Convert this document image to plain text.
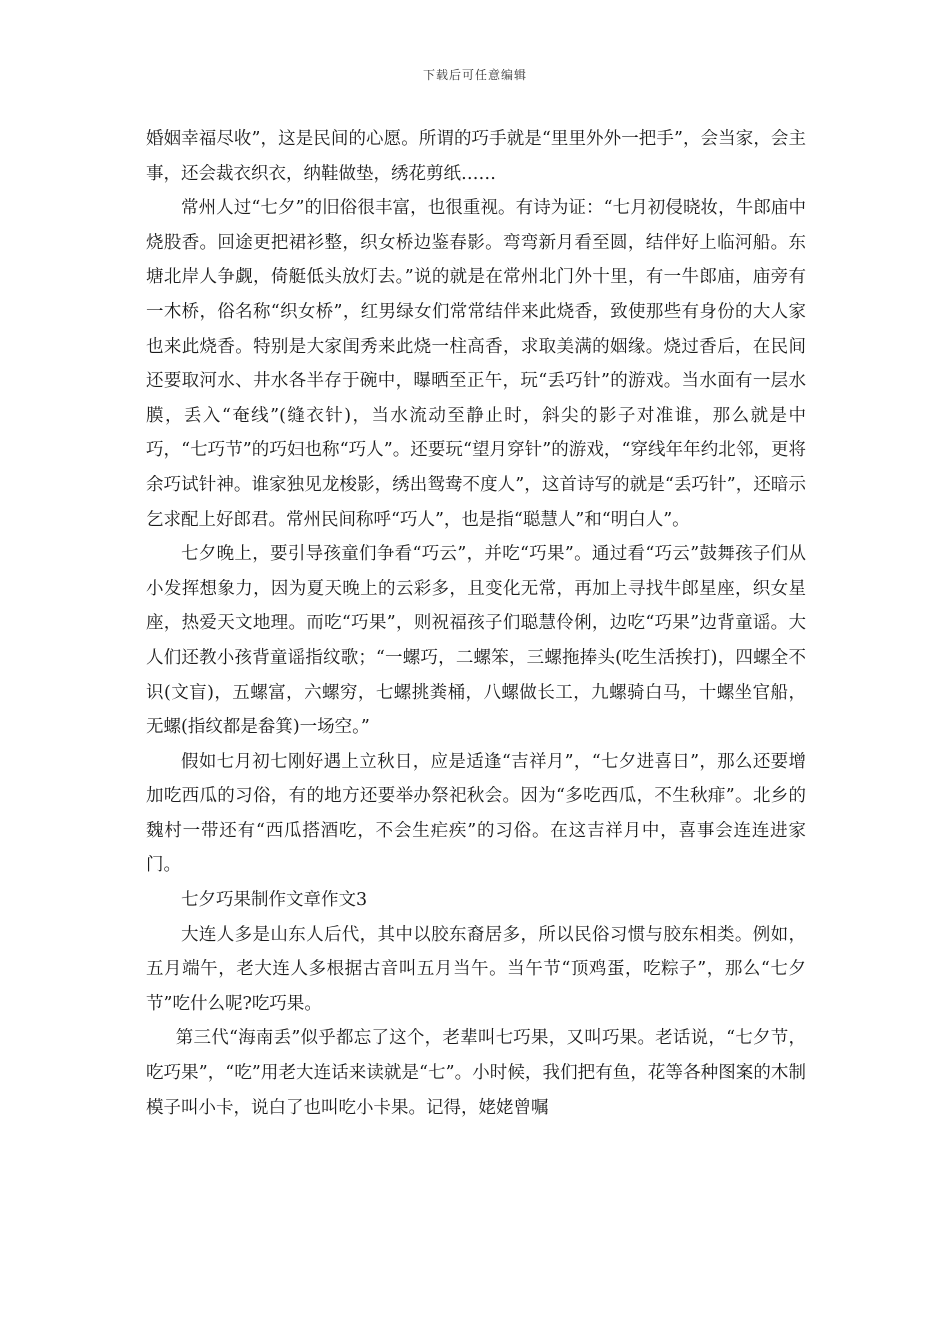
下载后可任意编辑

婚姻幸福尽收”，这是民间的心愿。所谓的巧手就是“里里外外一把手”，会当家，会主事，还会裁衣织衣，纳鞋做垫，绣花剪纸……

常州人过“七夕”的旧俗很丰富，也很重视。有诗为证：“七月初侵晓妆，牛郎庙中烧股香。回途更把裙衫整，织女桥边鉴春影。弯弯新月看至圆，结伴好上临河船。东塘北岸人争觑，倚艇低头放灯去。”说的就是在常州北门外十里，有一牛郎庙，庙旁有一木桥，俗名称“织女桥”，红男绿女们常常结伴来此烧香，致使那些有身份的大人家也来此烧香。特别是大家闺秀来此烧一柱高香，求取美满的姻缘。烧过香后，在民间还要取河水、井水各半存于碗中，曝晒至正午，玩“丢巧针”的游戏。当水面有一层水膜，丢入“奄线”(缝衣针)，当水流动至静止时，斜尖的影子对准谁，那么就是中巧，“七巧节”的巧妇也称“巧人”。还要玩“望月穿针”的游戏，“穿线年年约北邻，更将余巧试针神。谁家独见龙梭影，绣出鸳鸯不度人”，这首诗写的就是“丢巧针”，还暗示乞求配上好郎君。常州民间称呼“巧人”，也是指“聪慧人”和“明白人”。

七夕晚上，要引导孩童们争看“巧云”，并吃“巧果”。通过看“巧云”鼓舞孩子们从小发挥想象力，因为夏天晚上的云彩多，且变化无常，再加上寻找牛郎星座，织女星座，热爱天文地理。而吃“巧果”，则祝福孩子们聪慧伶俐，边吃“巧果”边背童谣。大人们还教小孩背童谣指纹歌；“一螺巧，二螺笨，三螺拖捧头(吃生活挨打)，四螺全不识(文盲)，五螺富，六螺穷，七螺挑粪桶，八螺做长工，九螺骑白马，十螺坐官船，无螺(指纹都是畚箕)一场空。”

假如七月初七刚好遇上立秋日，应是适逢“吉祥月”，“七夕进喜日”，那么还要增加吃西瓜的习俗，有的地方还要举办祭祀秋会。因为“多吃西瓜，不生秋痱”。北乡的魏村一带还有“西瓜搭酒吃，不会生疟疾”的习俗。在这吉祥月中，喜事会连连进家门。

七夕巧果制作文章作文3

大连人多是山东人后代，其中以胶东裔居多，所以民俗习惯与胶东相类。例如，五月端午，老大连人多根据古音叫五月当午。当午节“顶鸡蛋，吃粽子”，那么“七夕节”吃什么呢?吃巧果。

第三代“海南丢”似乎都忘了这个，老辈叫七巧果，又叫巧果。老话说，“七夕节，吃巧果”，“吃”用老大连话来读就是“七”。小时候，我们把有鱼，花等各种图案的木制模子叫小卡，说白了也叫吃小卡果。记得，姥姥曾嘱
